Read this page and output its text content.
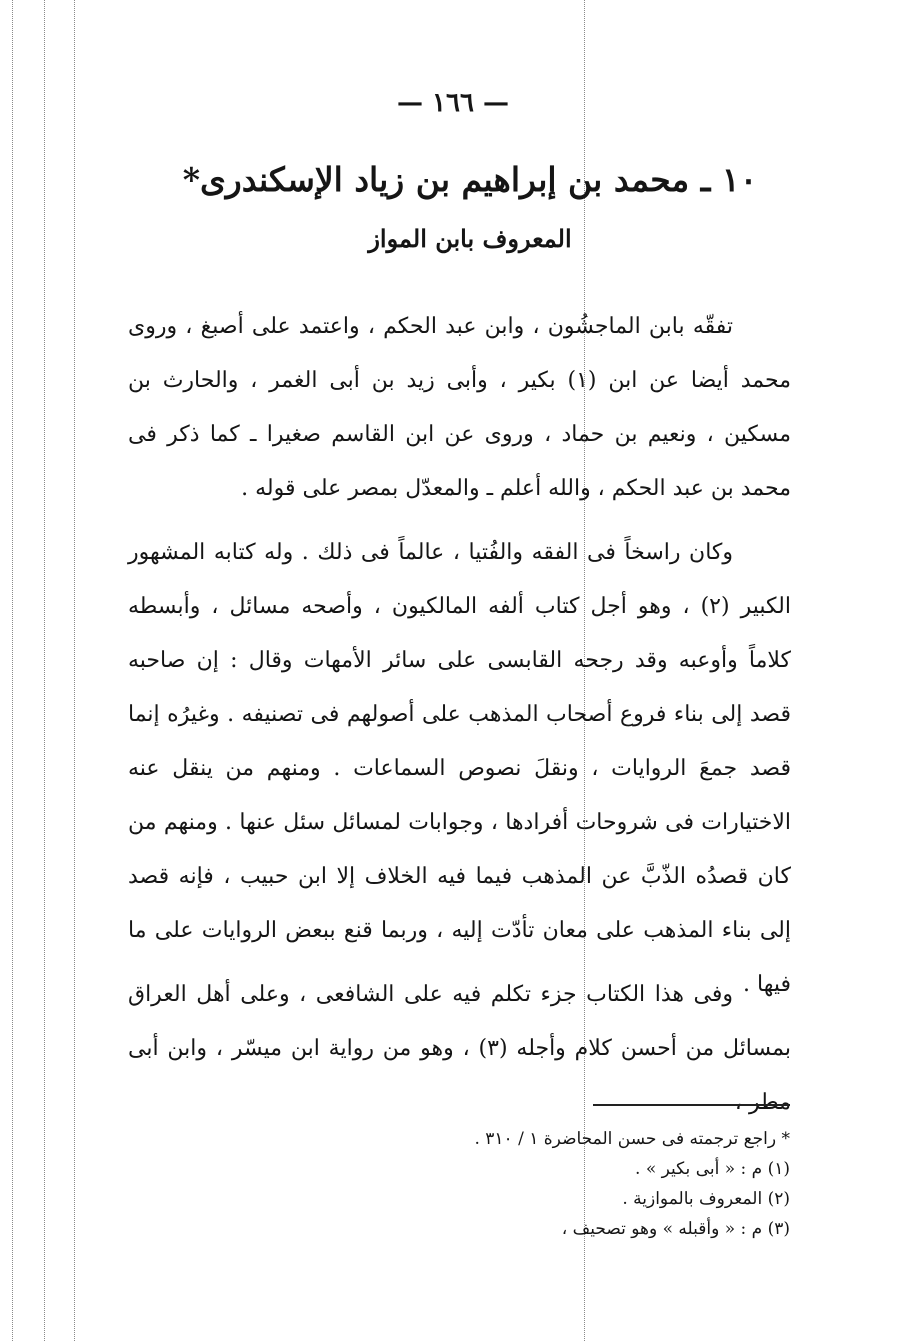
— ١٦٦ —
١٠ ـ محمد بن إبراهيم بن زياد الإسكندرى*
المعروف بابن المواز

تفقّه بابن الماجشُون ، وابن عبد الحكم ، واعتمد على أصبغ ، وروى محمد أيضا عن ابن (١) بكير ، وأبى زيد بن أبى الغمر ، والحارث بن مسكين ، ونعيم بن حماد ، وروى عن ابن القاسم صغيرا ـ كما ذكر فى محمد بن عبد الحكم ، والله أعلم ـ والمعدّل بمصر على قوله .

وكان راسخاً فى الفقه والفُتيا ، عالماً فى ذلك . وله كتابه المشهور الكبير (٢) ، وهو أجل كتاب ألفه المالكيون ، وأصحه مسائل ، وأبسطه كلاماً وأوعبه وقد رجحه القابسى على سائر الأمهات وقال : إن صاحبه قصد إلى بناء فروع أصحاب المذهب على أصولهم فى تصنيفه . وغيرُه إنما قصد جمعَ الروايات ، ونقلَ نصوص السماعات . ومنهم من ينقل عنه الاختيارات فى شروحات أفرادها ، وجوابات لمسائل سئل عنها . ومنهم من كان قصدُه الذّبَّ عن المذهب فيما فيه الخلاف إلا ابن حبيب ، فإنه قصد إلى بناء المذهب على معان تأدّت إليه ، وربما قنع ببعض الروايات على ما فيها .

وفى هذا الكتاب جزء تكلم فيه على الشافعى ، وعلى أهل العراق بمسائل من أحسن كلام وأجله (٣) ، وهو من رواية ابن ميسّر ، وابن أبى مطر ،

* راجع ترجمته فى حسن المحاضرة ١ / ٣١٠ .
(١) م : « أبى بكير » .
(٢) المعروف بالموازية .
(٣) م : « وأقبله » وهو تصحيف ،
